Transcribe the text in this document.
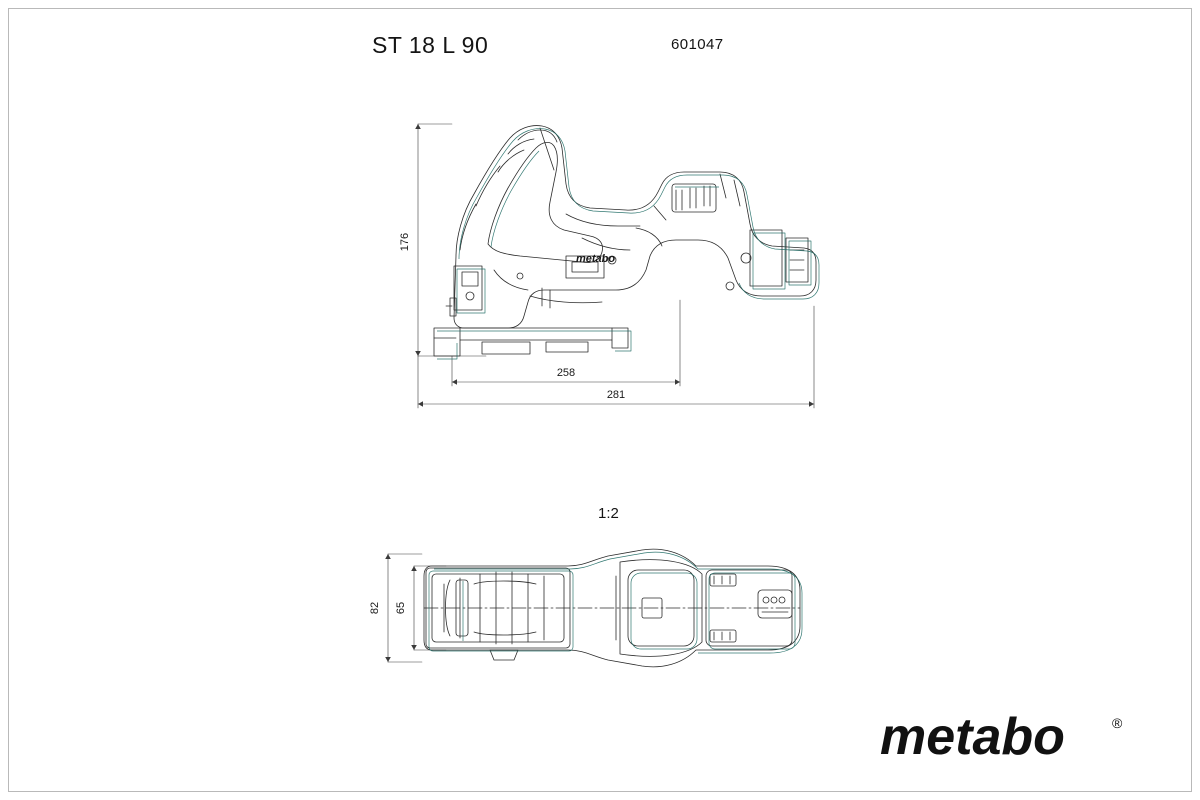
ST 18 L 90	601047
1:2
metabo
176
258
281
82 65
metabo	®
